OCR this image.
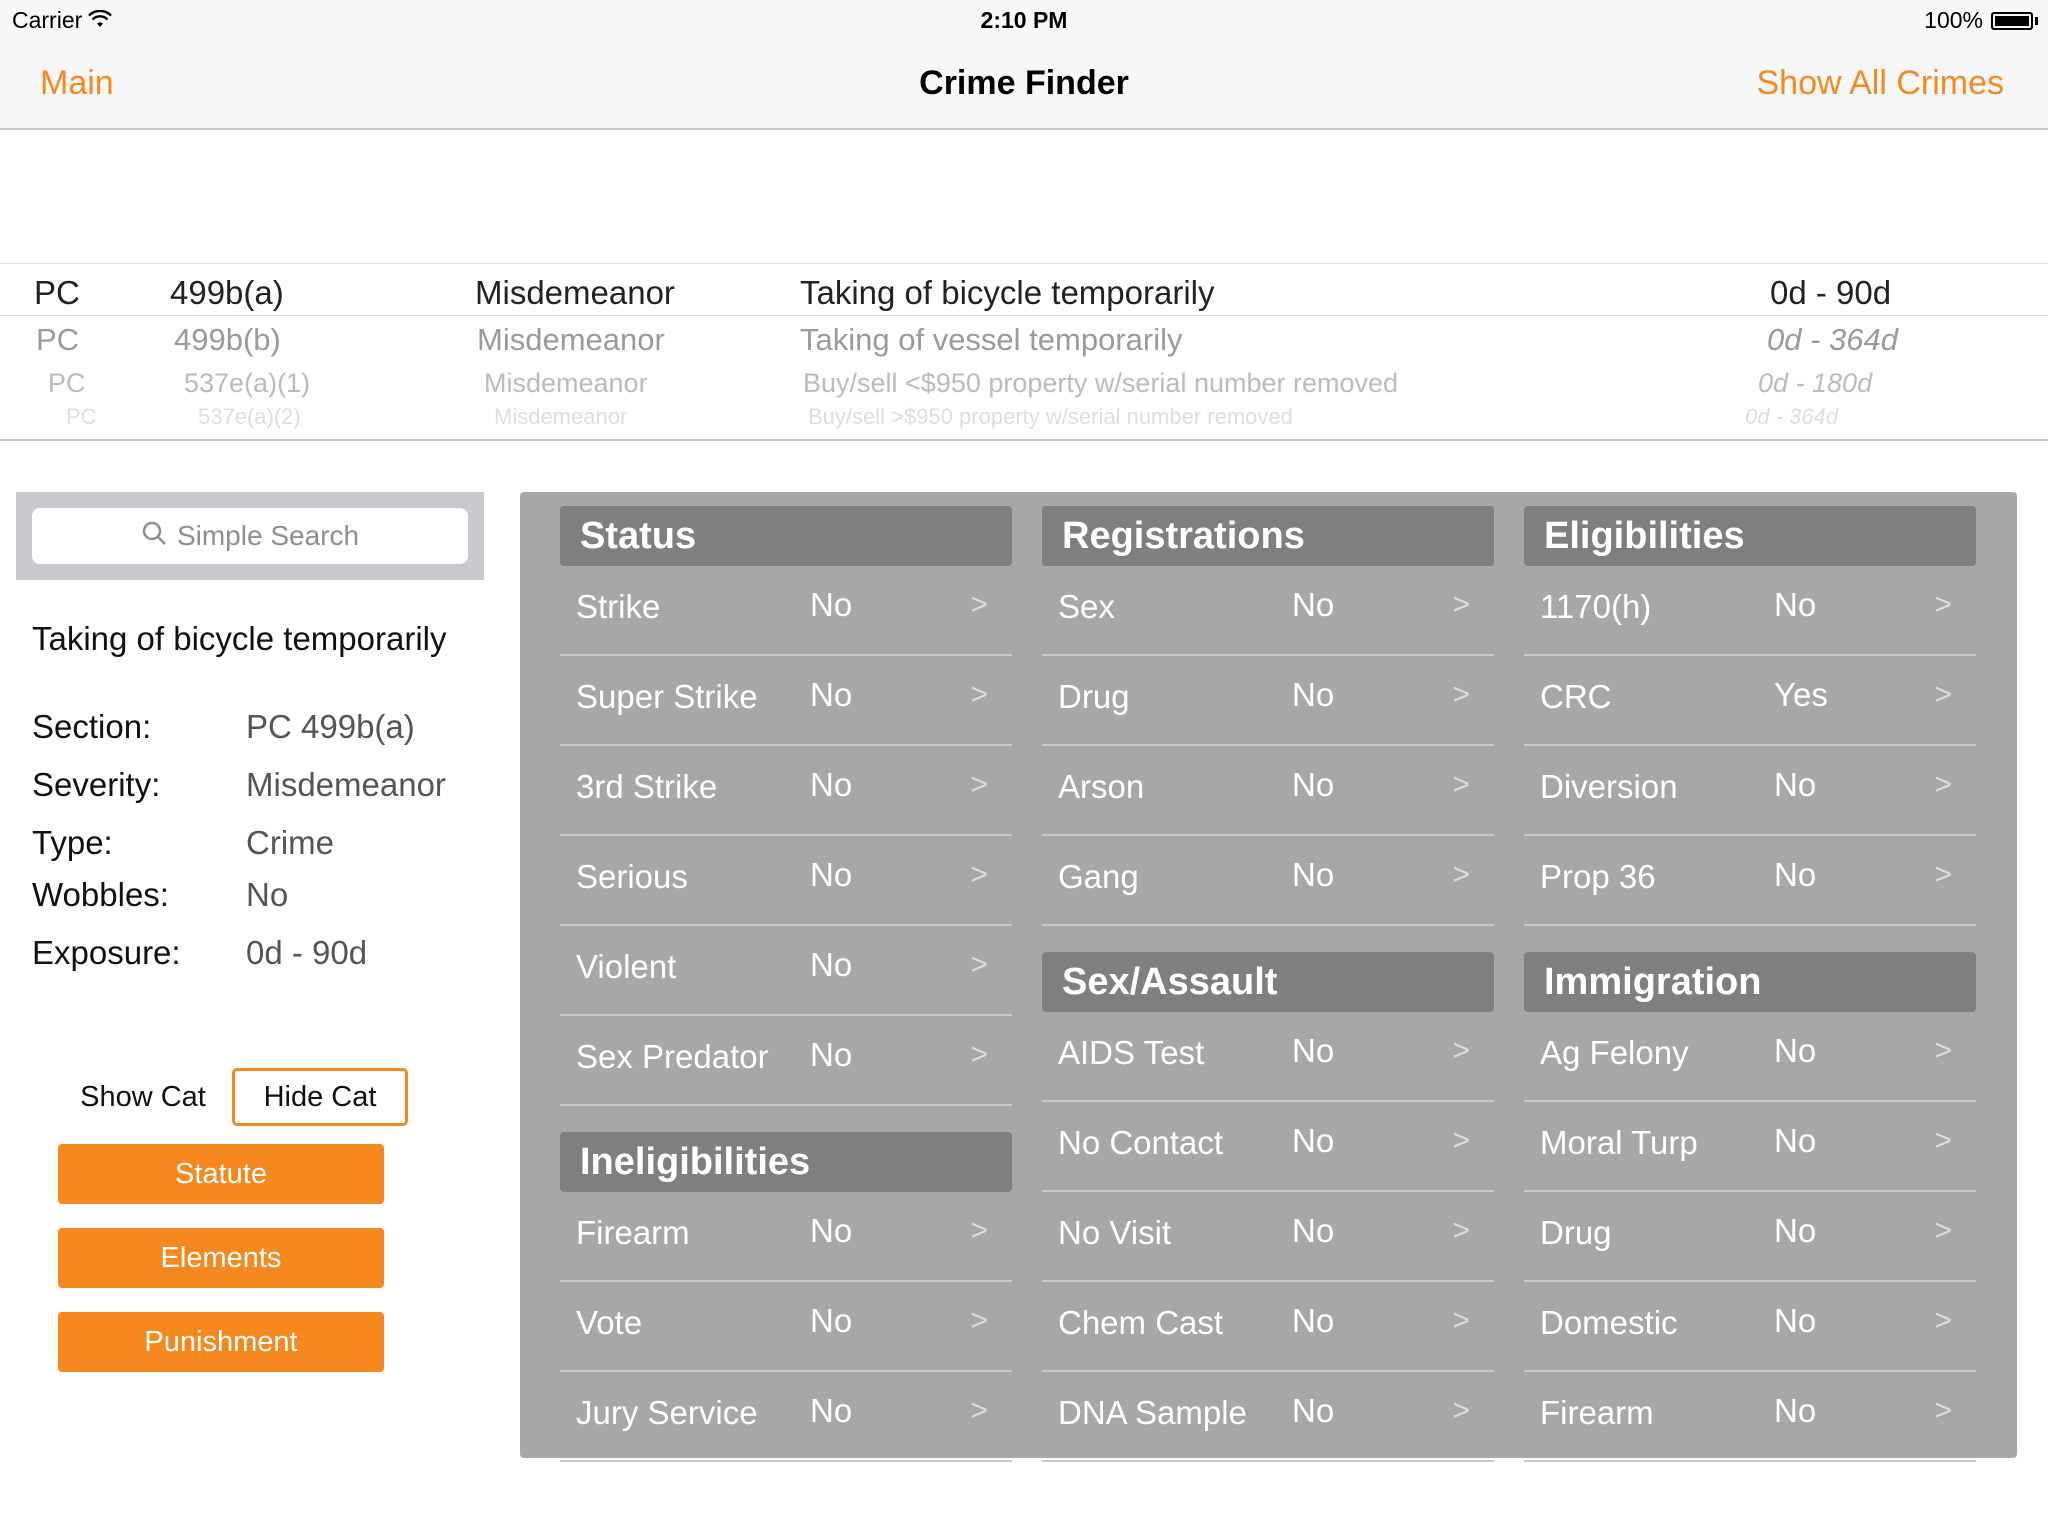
Carrier	2:10 PM	100%
Main	Crime Finder	Show All Crimes
PC	499b(a)	Misdemeanor	Taking of bicycle temporarily	0d - 90d
PC	499b(b)	Misdemeanor	Taking of vessel temporarily	0d - 364d
PC	537e(a)(1)	Misdemeanor	Buy/sell <$950 property w/serial number removed	0d - 180d
PC	537e(a)(2)	Misdemeanor	Buy/sell >$950 property w/serial number removed	0d - 364d
Simple Search
Taking of bicycle temporarily
Section:	PC 499b(a)
Severity:	Misdemeanor
Type:	Crime
Wobbles: No
Exposure: 0d - 90d
Show Cat	Hide Cat
Statute
Elements
Punishment
Status
Strike	No	>
Super Strike No	>
3rd Strike	No	>
Serious	No	>
Violent	No	>
Sex Predator No	>
Ineligibilities
Firearm	No	>
Vote	No	>
Jury Service No	>
Registrations
Sex	No	>
Drug	No	>
Arson	No	>
Gang	No	>
Sex/Assault
AIDS Test	No	>
No Contact No	>
No Visit	No	>
Chem Cast No	>
DNA Sample No	>
Eligibilities
1170(h)	No	>
CRC	Yes	>
Diversion	No	>
Prop 36	No	>
Immigration
Ag Felony	No	>
Moral Turp No	>
Drug	No	>
Domestic	No	>
Firearm	No	>
